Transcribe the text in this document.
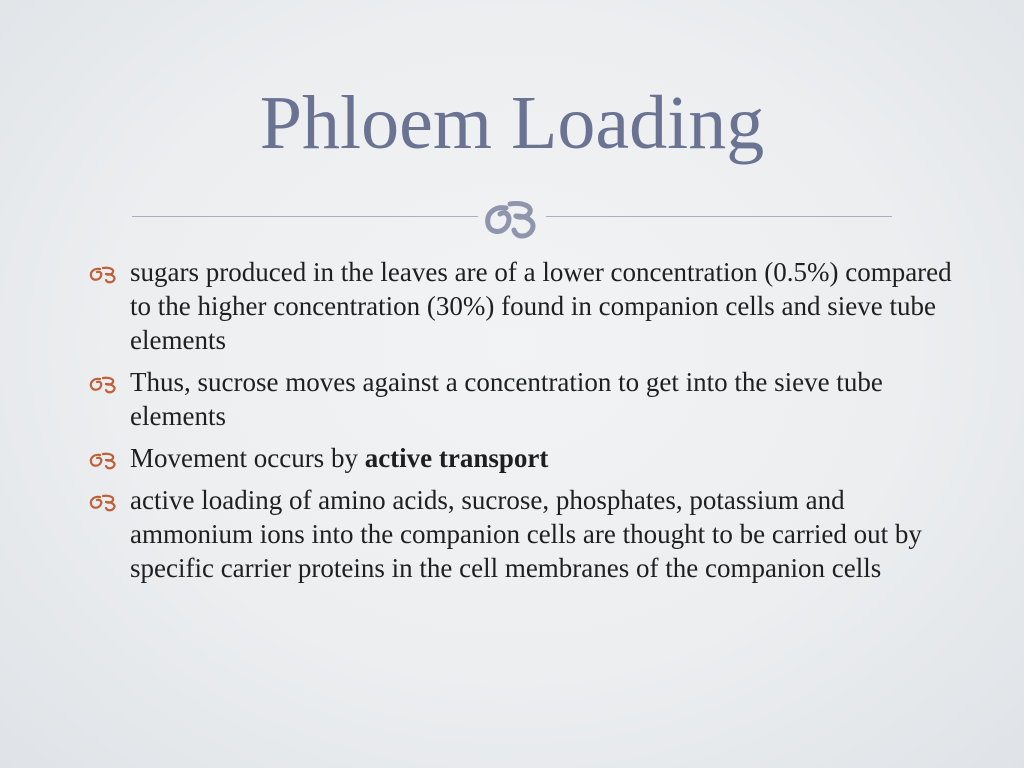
Phloem Loading
sugars produced in the leaves are of a lower concentration (0.5%) compared to the higher concentration (30%) found in companion cells and sieve tube elements
Thus, sucrose moves against a concentration to get into the sieve tube elements
Movement occurs by active transport
active loading of amino acids, sucrose, phosphates, potassium and ammonium ions into the companion cells are thought to be carried out by specific carrier proteins in the cell membranes of the companion cells
